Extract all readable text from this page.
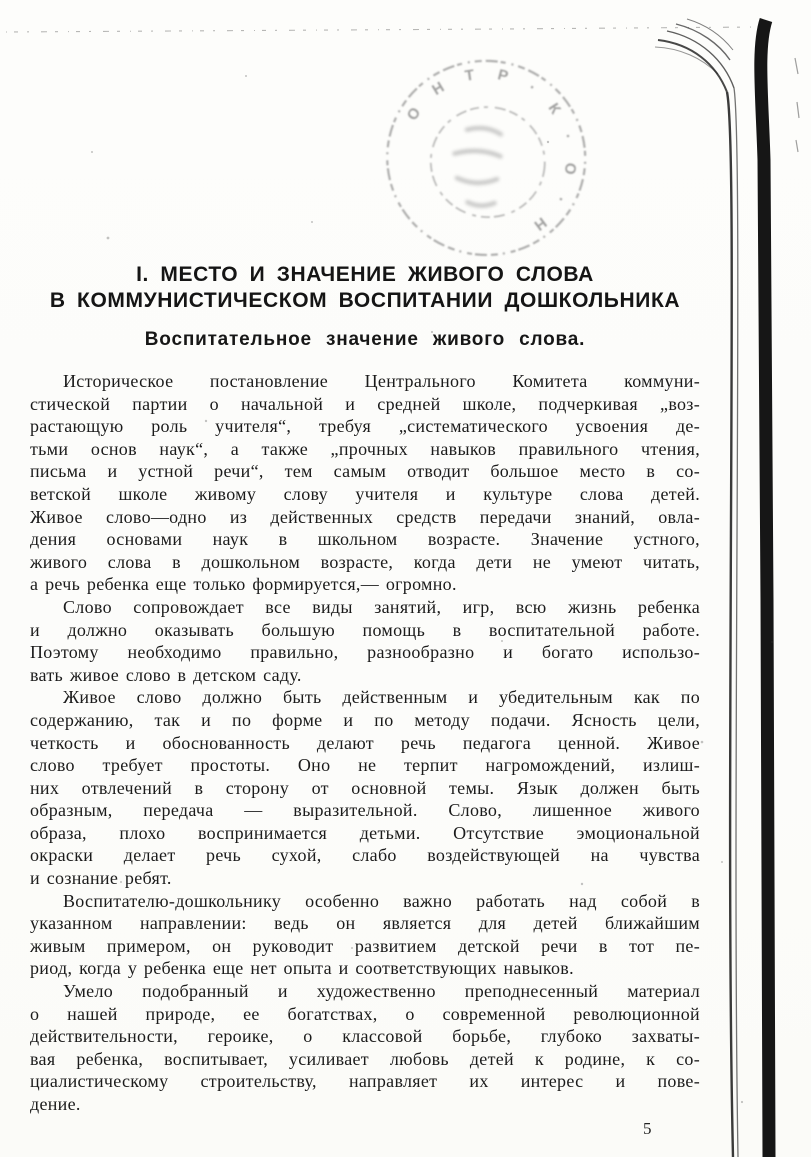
О Н Т Р · К · О · Н
I. МЕСТО И ЗНАЧЕНИЕ ЖИВОГО СЛОВА
В КОММУНИСТИЧЕСКОМ ВОСПИТАНИИ ДОШКОЛЬНИКА
Воспитательное значение живого слова.
Историческое постановление Центрального Комитета коммуни-
стической партии о начальной и средней школе, подчеркивая „воз-
растающую роль учителя“, требуя „систематического усвоения де-
тьми основ наук“, а также „прочных навыков правильного чтения,
письма и устной речи“, тем самым отводит большое место в со-
ветской школе живому слову учителя и культуре слова детей.
Живое слово—одно из действенных средств передачи знаний, овла-
дения основами наук в школьном возрасте. Значение устного,
живого слова в дошкольном возрасте, когда дети не умеют читать,
а речь ребенка еще только формируется,— огромно.
Слово сопровождает все виды занятий, игр, всю жизнь ребенка
и должно оказывать большую помощь в воспитательной работе.
Поэтому необходимо правильно, разнообразно и богато использо-
вать живое слово в детском саду.
Живое слово должно быть действенным и убедительным как по
содержанию, так и по форме и по методу подачи. Ясность цели,
четкость и обоснованность делают речь педагога ценной. Живое
слово требует простоты. Оно не терпит нагромождений, излиш-
них отвлечений в сторону от основной темы. Язык должен быть
образным, передача — выразительной. Слово, лишенное живого
образа, плохо воспринимается детьми. Отсутствие эмоциональной
окраски делает речь сухой, слабо воздействующей на чувства
и сознание ребят.
Воспитателю-дошкольнику особенно важно работать над собой в
указанном направлении: ведь он является для детей ближайшим
живым примером, он руководит развитием детской речи в тот пе-
риод, когда у ребенка еще нет опыта и соответствующих навыков.
Умело подобранный и художественно преподнесенный материал
о нашей природе, ее богатствах, о современной революционной
действительности, героике, о классовой борьбе, глубоко захваты-
вая ребенка, воспитывает, усиливает любовь детей к родине, к со-
циалистическому строительству, направляет их интерес и пове-
дение.
5
